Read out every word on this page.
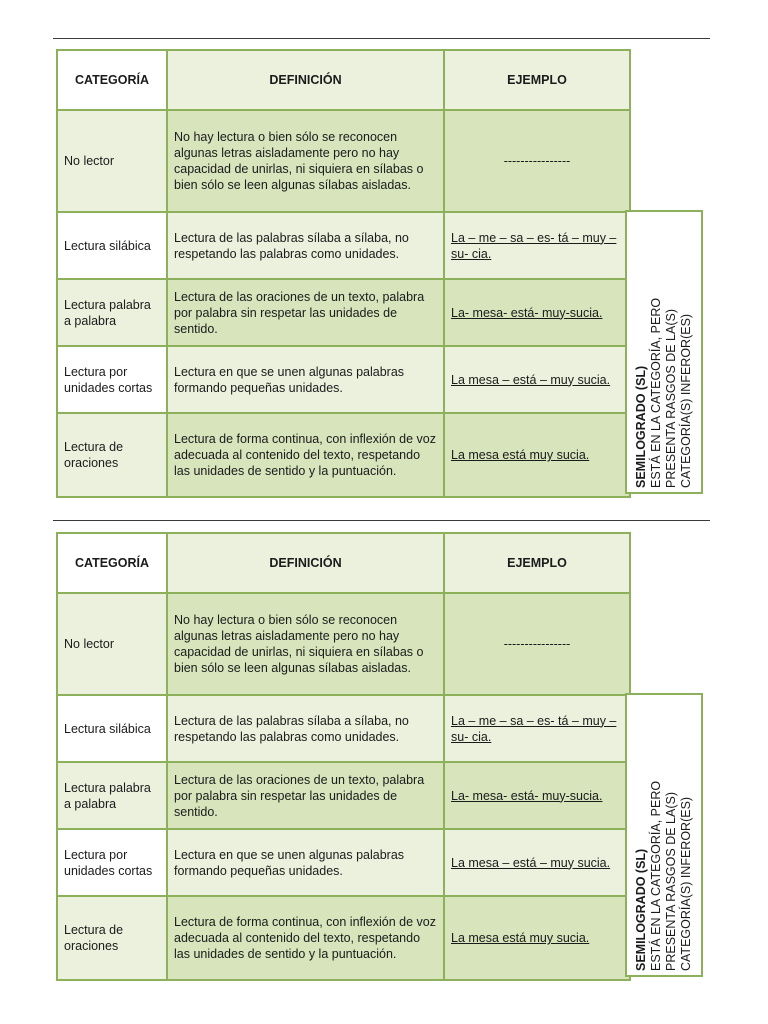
CATEGORÍA	DEFINICIÓN	EJEMPLO
No lector	No hay lectura o bien sólo se reconocen algunas letras aisladamente pero no hay capacidad de unirlas, ni siquiera en sílabas o bien sólo se leen algunas sílabas aisladas.	----------------
Lectura silábica	Lectura de las palabras sílaba a sílaba, no respetando las palabras como unidades.	La – me – sa – es- tá – muy – su- cia.
Lectura palabra a palabra	Lectura de las oraciones de un texto, palabra por palabra sin respetar las unidades de sentido.	La- mesa- está- muy-sucia.
Lectura por unidades cortas	Lectura en que se unen algunas palabras formando pequeñas unidades.	La mesa – está – muy sucia.
Lectura de oraciones	Lectura de forma continua, con inflexión de voz adecuada al contenido del texto, respetando las unidades de sentido y la puntuación.	La mesa está muy sucia.	SEMILOGRADO (SL) ESTÁ EN LA CATEGORÍA, PERO PRESENTA RASGOS DE LA(S) CATEGORÍA(S) INFEROR(ES)
CATEGORÍA	DEFINICIÓN	EJEMPLO
No lector	No hay lectura o bien sólo se reconocen algunas letras aisladamente pero no hay capacidad de unirlas, ni siquiera en sílabas o bien sólo se leen algunas sílabas aisladas.	----------------
Lectura silábica	Lectura de las palabras sílaba a sílaba, no respetando las palabras como unidades.	La – me – sa – es- tá – muy – su- cia.
Lectura palabra a palabra	Lectura de las oraciones de un texto, palabra por palabra sin respetar las unidades de sentido.	La- mesa- está- muy-sucia.
Lectura por unidades cortas	Lectura en que se unen algunas palabras formando pequeñas unidades.	La mesa – está – muy sucia.
Lectura de oraciones	Lectura de forma continua, con inflexión de voz adecuada al contenido del texto, respetando las unidades de sentido y la puntuación.	La mesa está muy sucia.	SEMILOGRADO (SL) ESTÁ EN LA CATEGORÍA, PERO PRESENTA RASGOS DE LA(S) CATEGORÍA(S) INFEROR(ES)
